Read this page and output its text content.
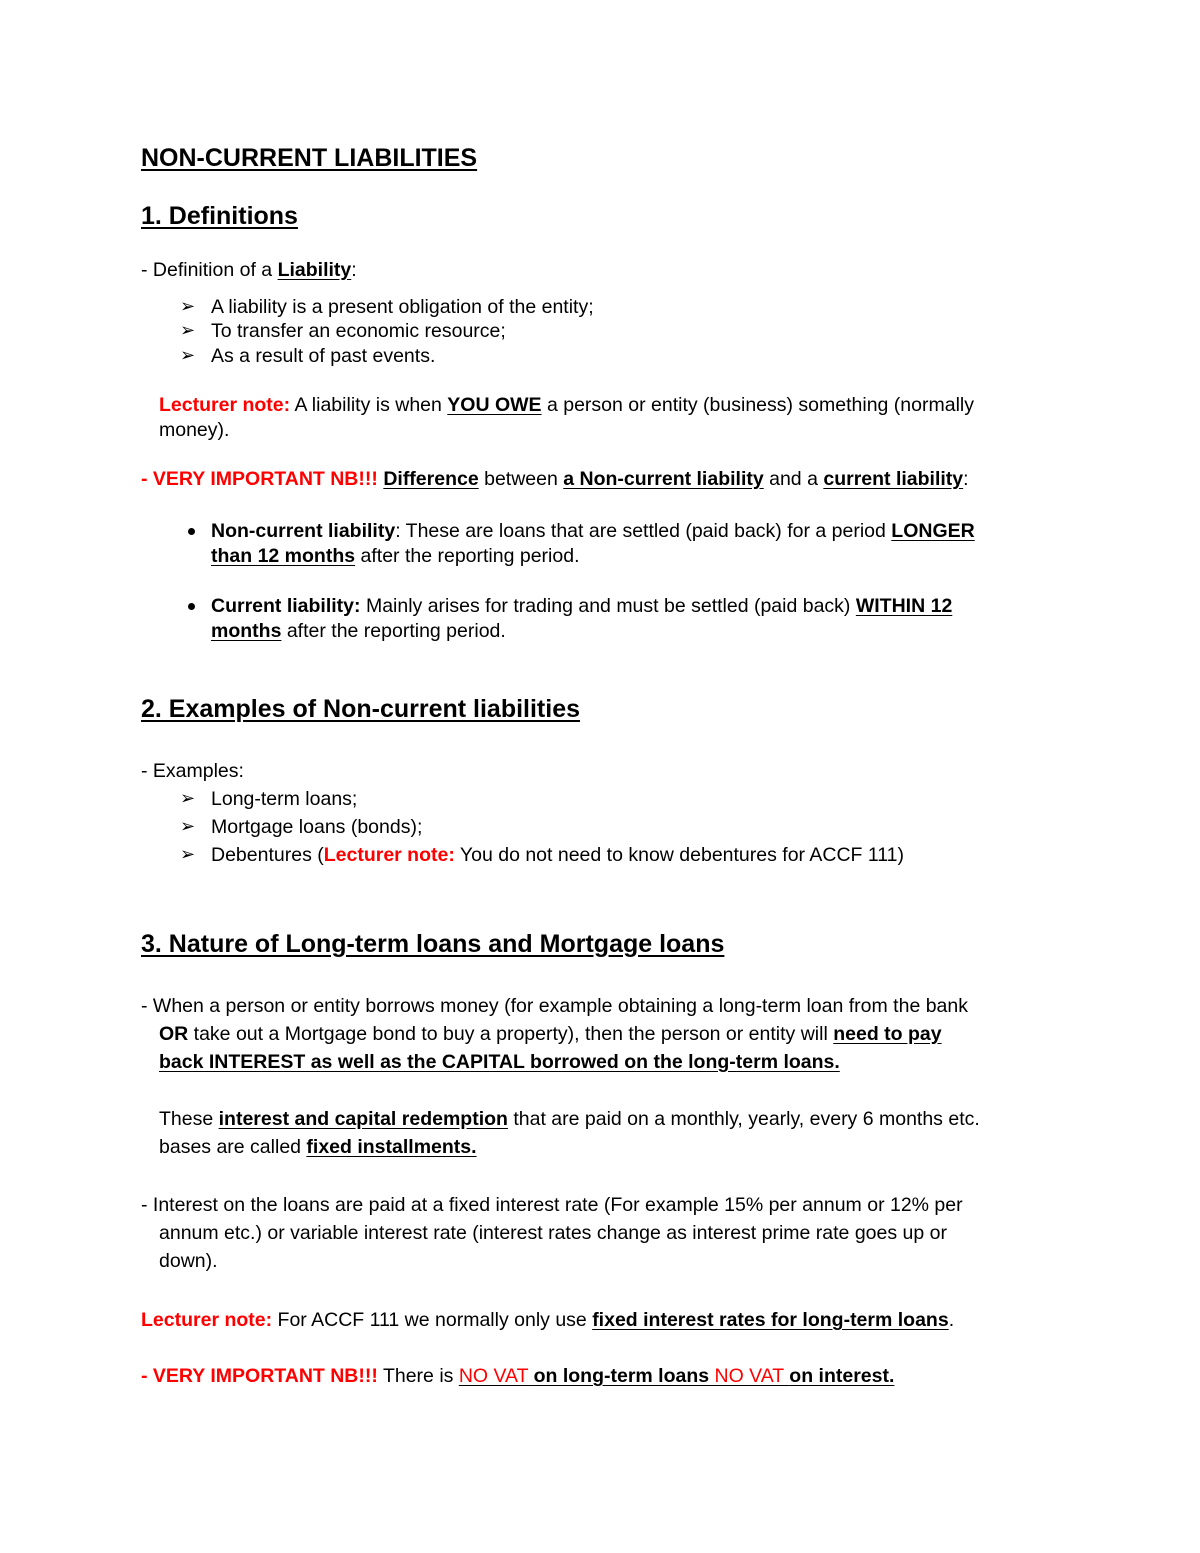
NON-CURRENT LIABILITIES
1. Definitions
- Definition of a Liability:
➢ A liability is a present obligation of the entity;
➢ To transfer an economic resource;
➢ As a result of past events.
Lecturer note: A liability is when YOU OWE a person or entity (business) something (normally
money).
- VERY IMPORTANT NB!!! Difference between a Non-current liability and a current liability:
Non-current liability: These are loans that are settled (paid back) for a period LONGER
than 12 months after the reporting period.
Current liability: Mainly arises for trading and must be settled (paid back) WITHIN 12
months after the reporting period.
2. Examples of Non-current liabilities
- Examples:
➢ Long-term loans;
➢ Mortgage loans (bonds);
➢ Debentures (Lecturer note: You do not need to know debentures for ACCF 111)
3. Nature of Long-term loans and Mortgage loans
- When a person or entity borrows money (for example obtaining a long-term loan from the bank
OR take out a Mortgage bond to buy a property), then the person or entity will need to pay
back INTEREST as well as the CAPITAL borrowed on the long-term loans.
These interest and capital redemption that are paid on a monthly, yearly, every 6 months etc.
bases are called fixed installments.
- Interest on the loans are paid at a fixed interest rate (For example 15% per annum or 12% per
annum etc.) or variable interest rate (interest rates change as interest prime rate goes up or
down).
Lecturer note: For ACCF 111 we normally only use fixed interest rates for long-term loans.
- VERY IMPORTANT NB!!! There is NO VAT on long-term loans NO VAT on interest.
